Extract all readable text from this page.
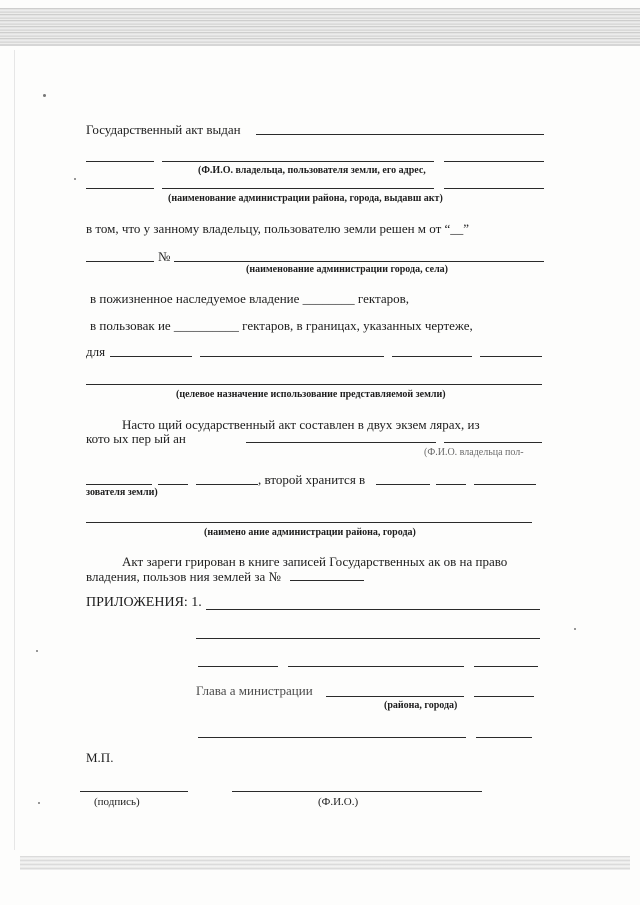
Государственный акт выдан
(Ф.И.О. владельца, пользователя земли, его адрес,
(наименование администрации района, города, выдавш акт)
в том, что у занному владельцу, пользователю земли решен м от “__”
№
(наименование администрации города, села)
в пожизненное наследуемое владение ________ гектаров,
в пользовак ие __________ гектаров, в границах, указанных чертеже,
для
(целевое назначение использование представляемой земли)
Насто щий осударственный акт составлен в двух экзем лярах, из
кото ых пер ый ан
(Ф.И.О. владельца пол-
, второй хранится в
зователя земли)
(наимено ание администрации района, города)
Акт зареги грирован в книге записей Государственных ак ов на право
владения, пользов ния землей за №
ПРИЛОЖЕНИЯ: 1.
Глава а министрации
(района, города)
М.П.
(подпись)	(Ф.И.О.)
